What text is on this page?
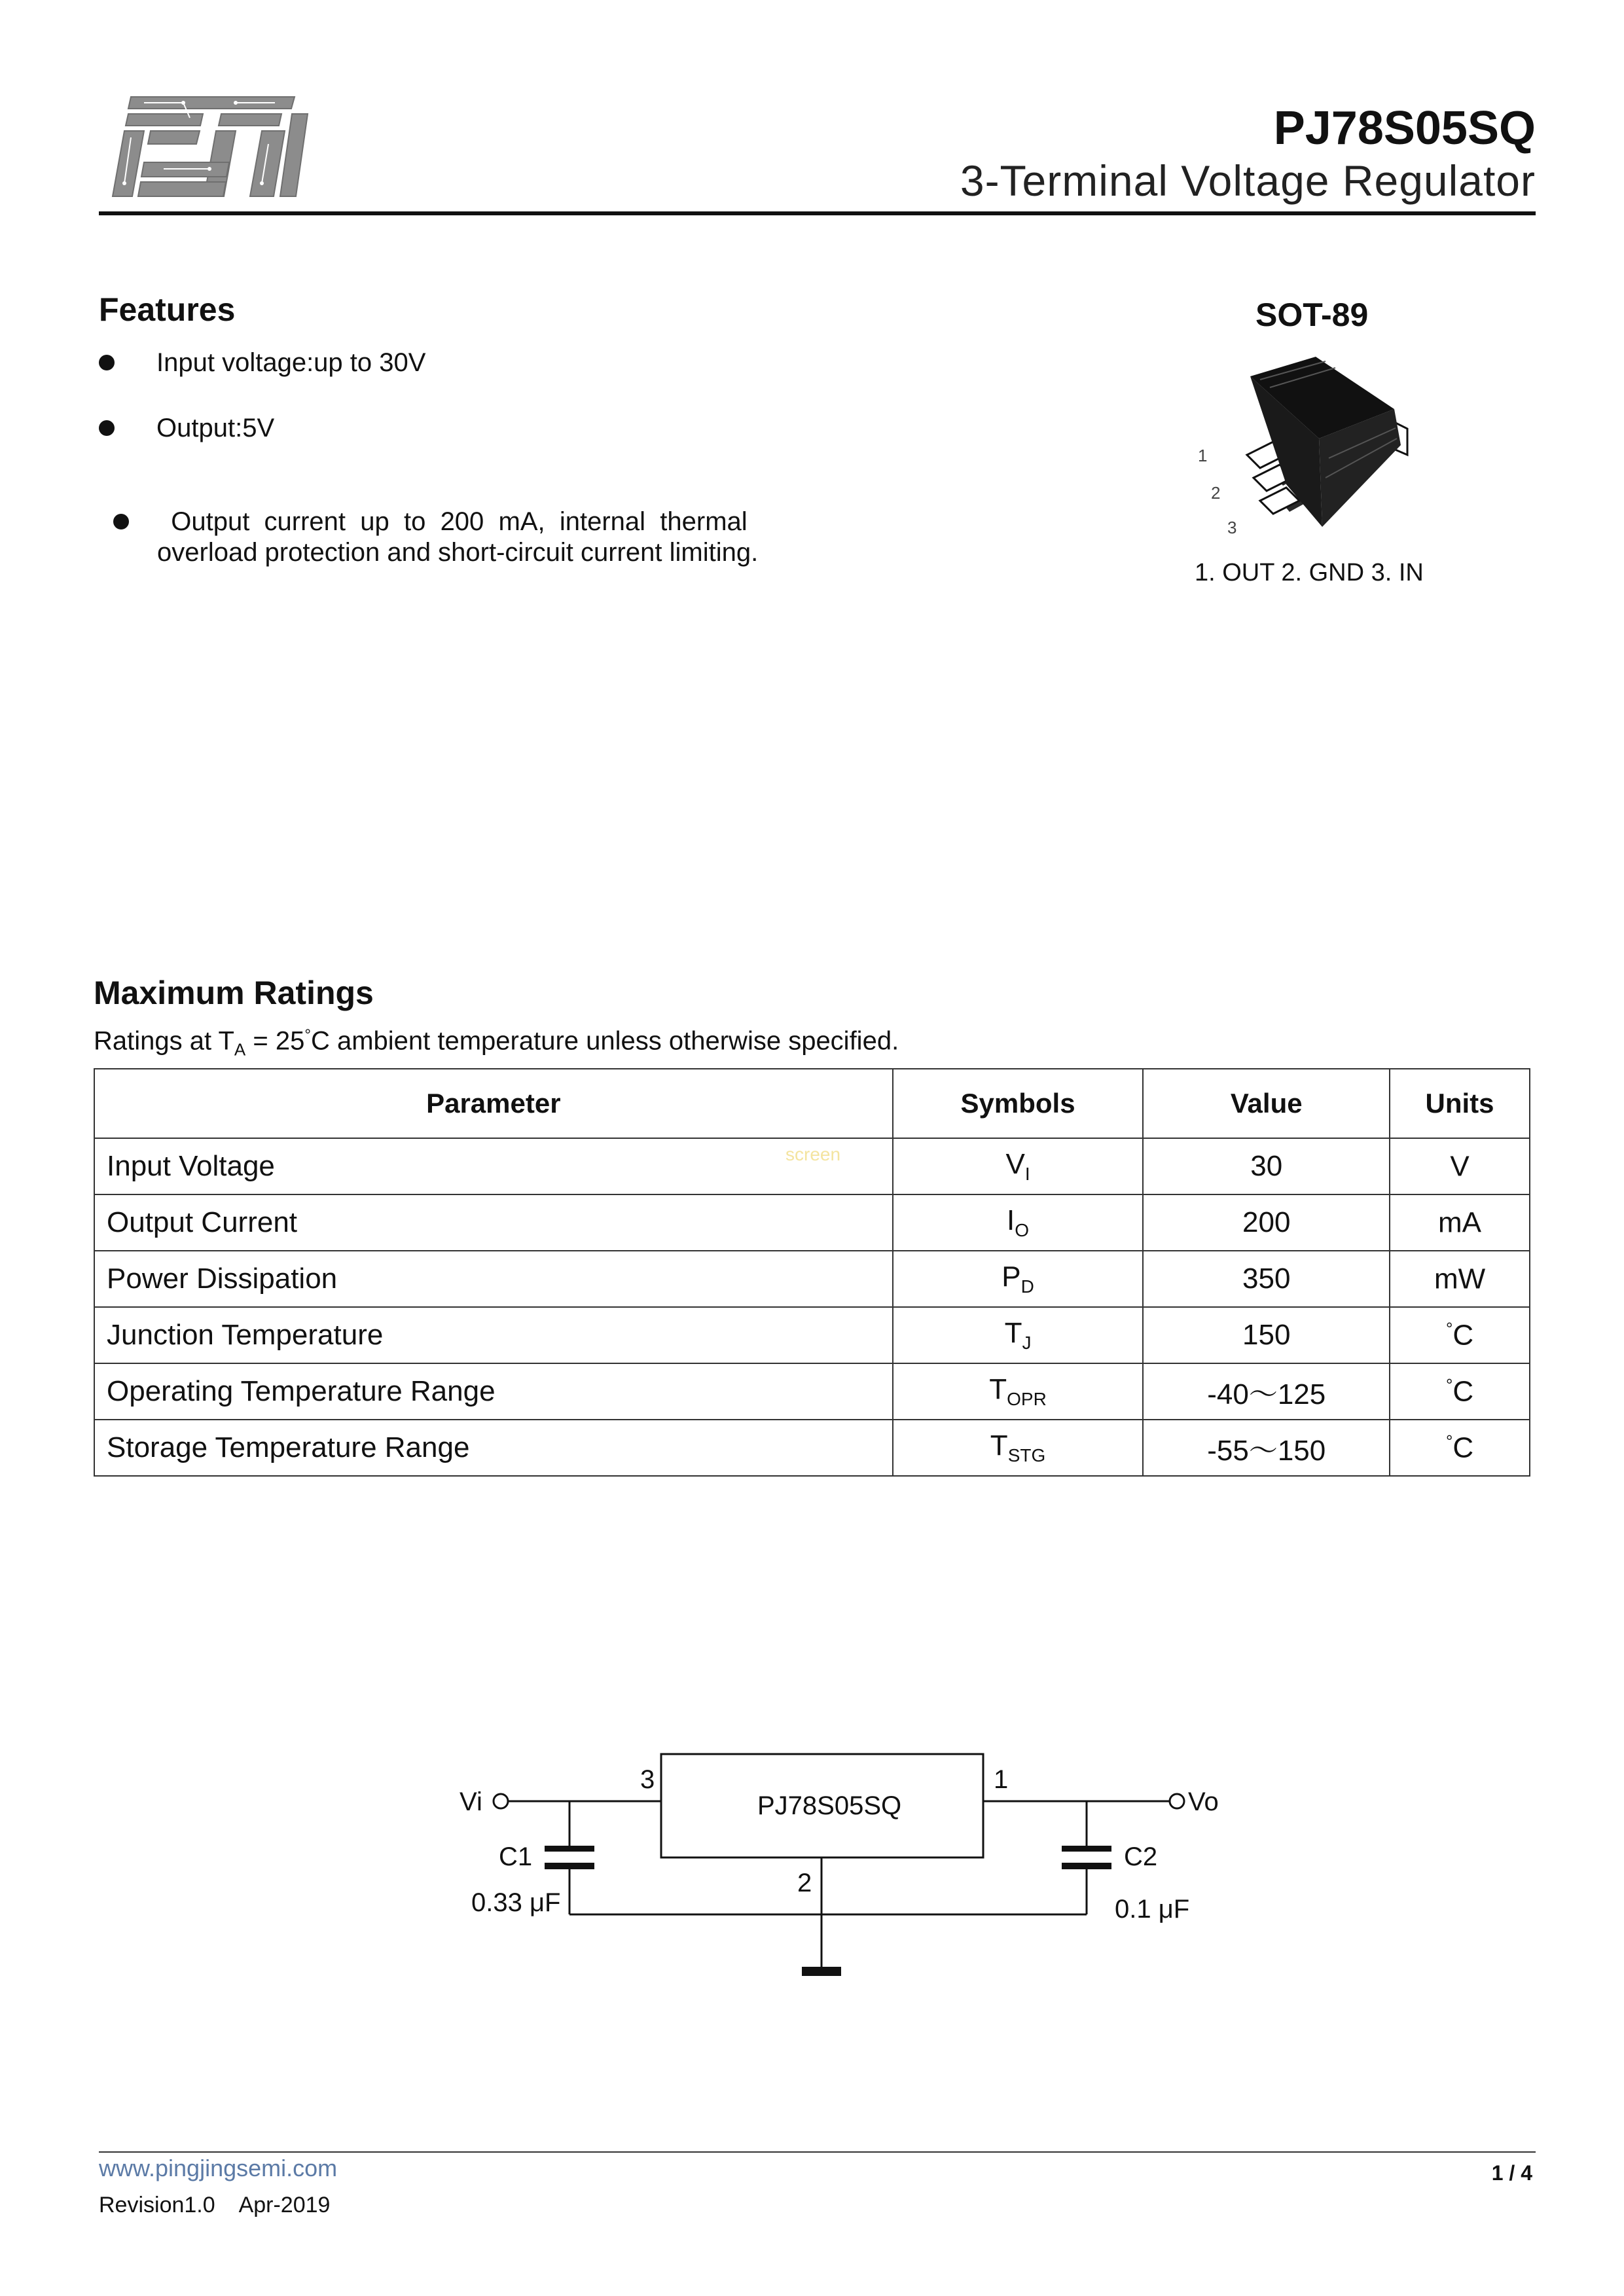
PJ78S05SQ
3-Terminal Voltage Regulator
Features
Input voltage:up to 30V
Output:5V

Output  current  up  to  200  mA,  internal  thermal

overload protection and short-circuit current limiting.
SOT-89
1
2
3
1. OUT 2. GND 3. IN
Maximum Ratings
Ratings at $T_A = 25^\circ C$ ambient temperature unless otherwise specified.
Parameter	Symbols	Value	Units
Input Voltage	$V_I$	30	V
Output Current	$I_O$	200	mA
Power Dissipation	$P_D$	350	mW
Junction Temperature	$T_J$	150	°C
Operating Temperature Range	$T_{OPR}$	-40～125	°C
Storage Temperature Range	$T_{STG}$	-55～150	°C
screen
PJ78S05SQ
Vi	Vo
3	1
2
C1
0.33 μF
C2
0.1 μF
www.pingjingsemi.com	1 / 4
Revision1.0    Apr-2019
